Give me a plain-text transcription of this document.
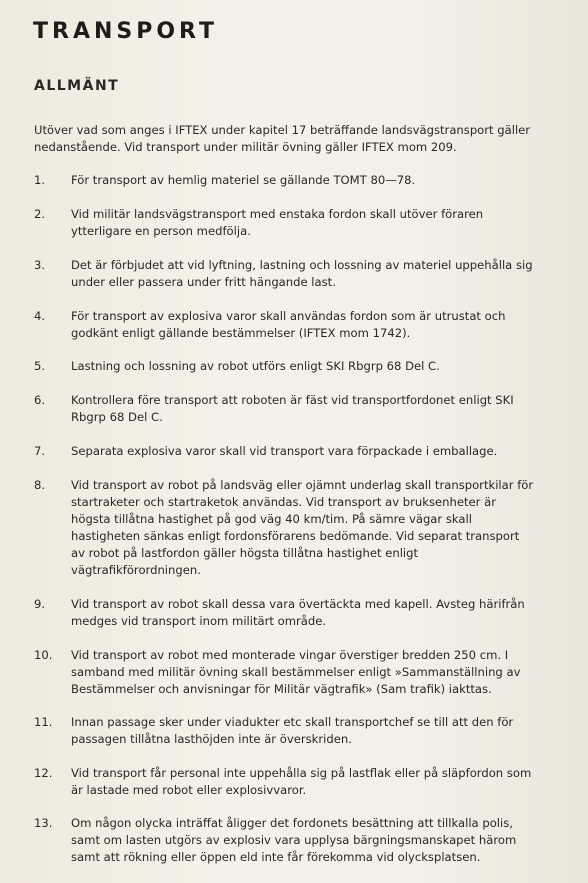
TRANSPORT
ALLMÄNT

Utöver vad som anges i IFTEX under kapitel 17 beträffande landsvägstransport gäller nedanstående. Vid transport under militär övning gäller IFTEX mom 209.

1.	För transport av hemlig materiel se gällande TOMT 80—78.
2.	Vid militär landsvägstransport med enstaka fordon skall utöver föraren ytterligare en person medfölja.
3.	Det är förbjudet att vid lyftning, lastning och lossning av materiel uppehålla sig under eller passera under fritt hängande last.
4.	För transport av explosiva varor skall användas fordon som är utrustat och godkänt enligt gällande bestämmelser (IFTEX mom 1742).
5.	Lastning och lossning av robot utförs enligt SKI Rbgrp 68 Del C.
6.	Kontrollera före transport att roboten är fäst vid transportfordonet enligt SKI Rbgrp 68 Del C.
7.	Separata explosiva varor skall vid transport vara förpackade i emballage.
8.	Vid transport av robot på landsväg eller ojämnt underlag skall transportkilar för startraketer och startraketok användas. Vid transport av bruksenheter är högsta tillåtna hastighet på god väg 40 km/tim. På sämre vägar skall hastigheten sänkas enligt fordonsförarens bedömande. Vid separat transport av robot på lastfordon gäller högsta tillåtna hastighet enligt vägtrafikförordningen.
9.	Vid transport av robot skall dessa vara övertäckta med kapell. Avsteg härifrån medges vid transport inom militärt område.
10.	Vid transport av robot med monterade vingar överstiger bredden 250 cm. I samband med militär övning skall bestämmelser enligt »Sammanställning av Bestämmelser och anvisningar för Militär vägtrafik» (Sam trafik) iakttas.
11.	Innan passage sker under viadukter etc skall transportchef se till att den för passagen tillåtna lasthöjden inte är överskriden.
12.	Vid transport får personal inte uppehålla sig på lastflak eller på släpfordon som är lastade med robot eller explosivvaror.
13.	Om någon olycka inträffat åligger det fordonets besättning att tillkalla polis, samt om lasten utgörs av explosiv vara upplysa bärgningsmanskapet härom samt att rökning eller öppen eld inte får förekomma vid olycksplatsen.
